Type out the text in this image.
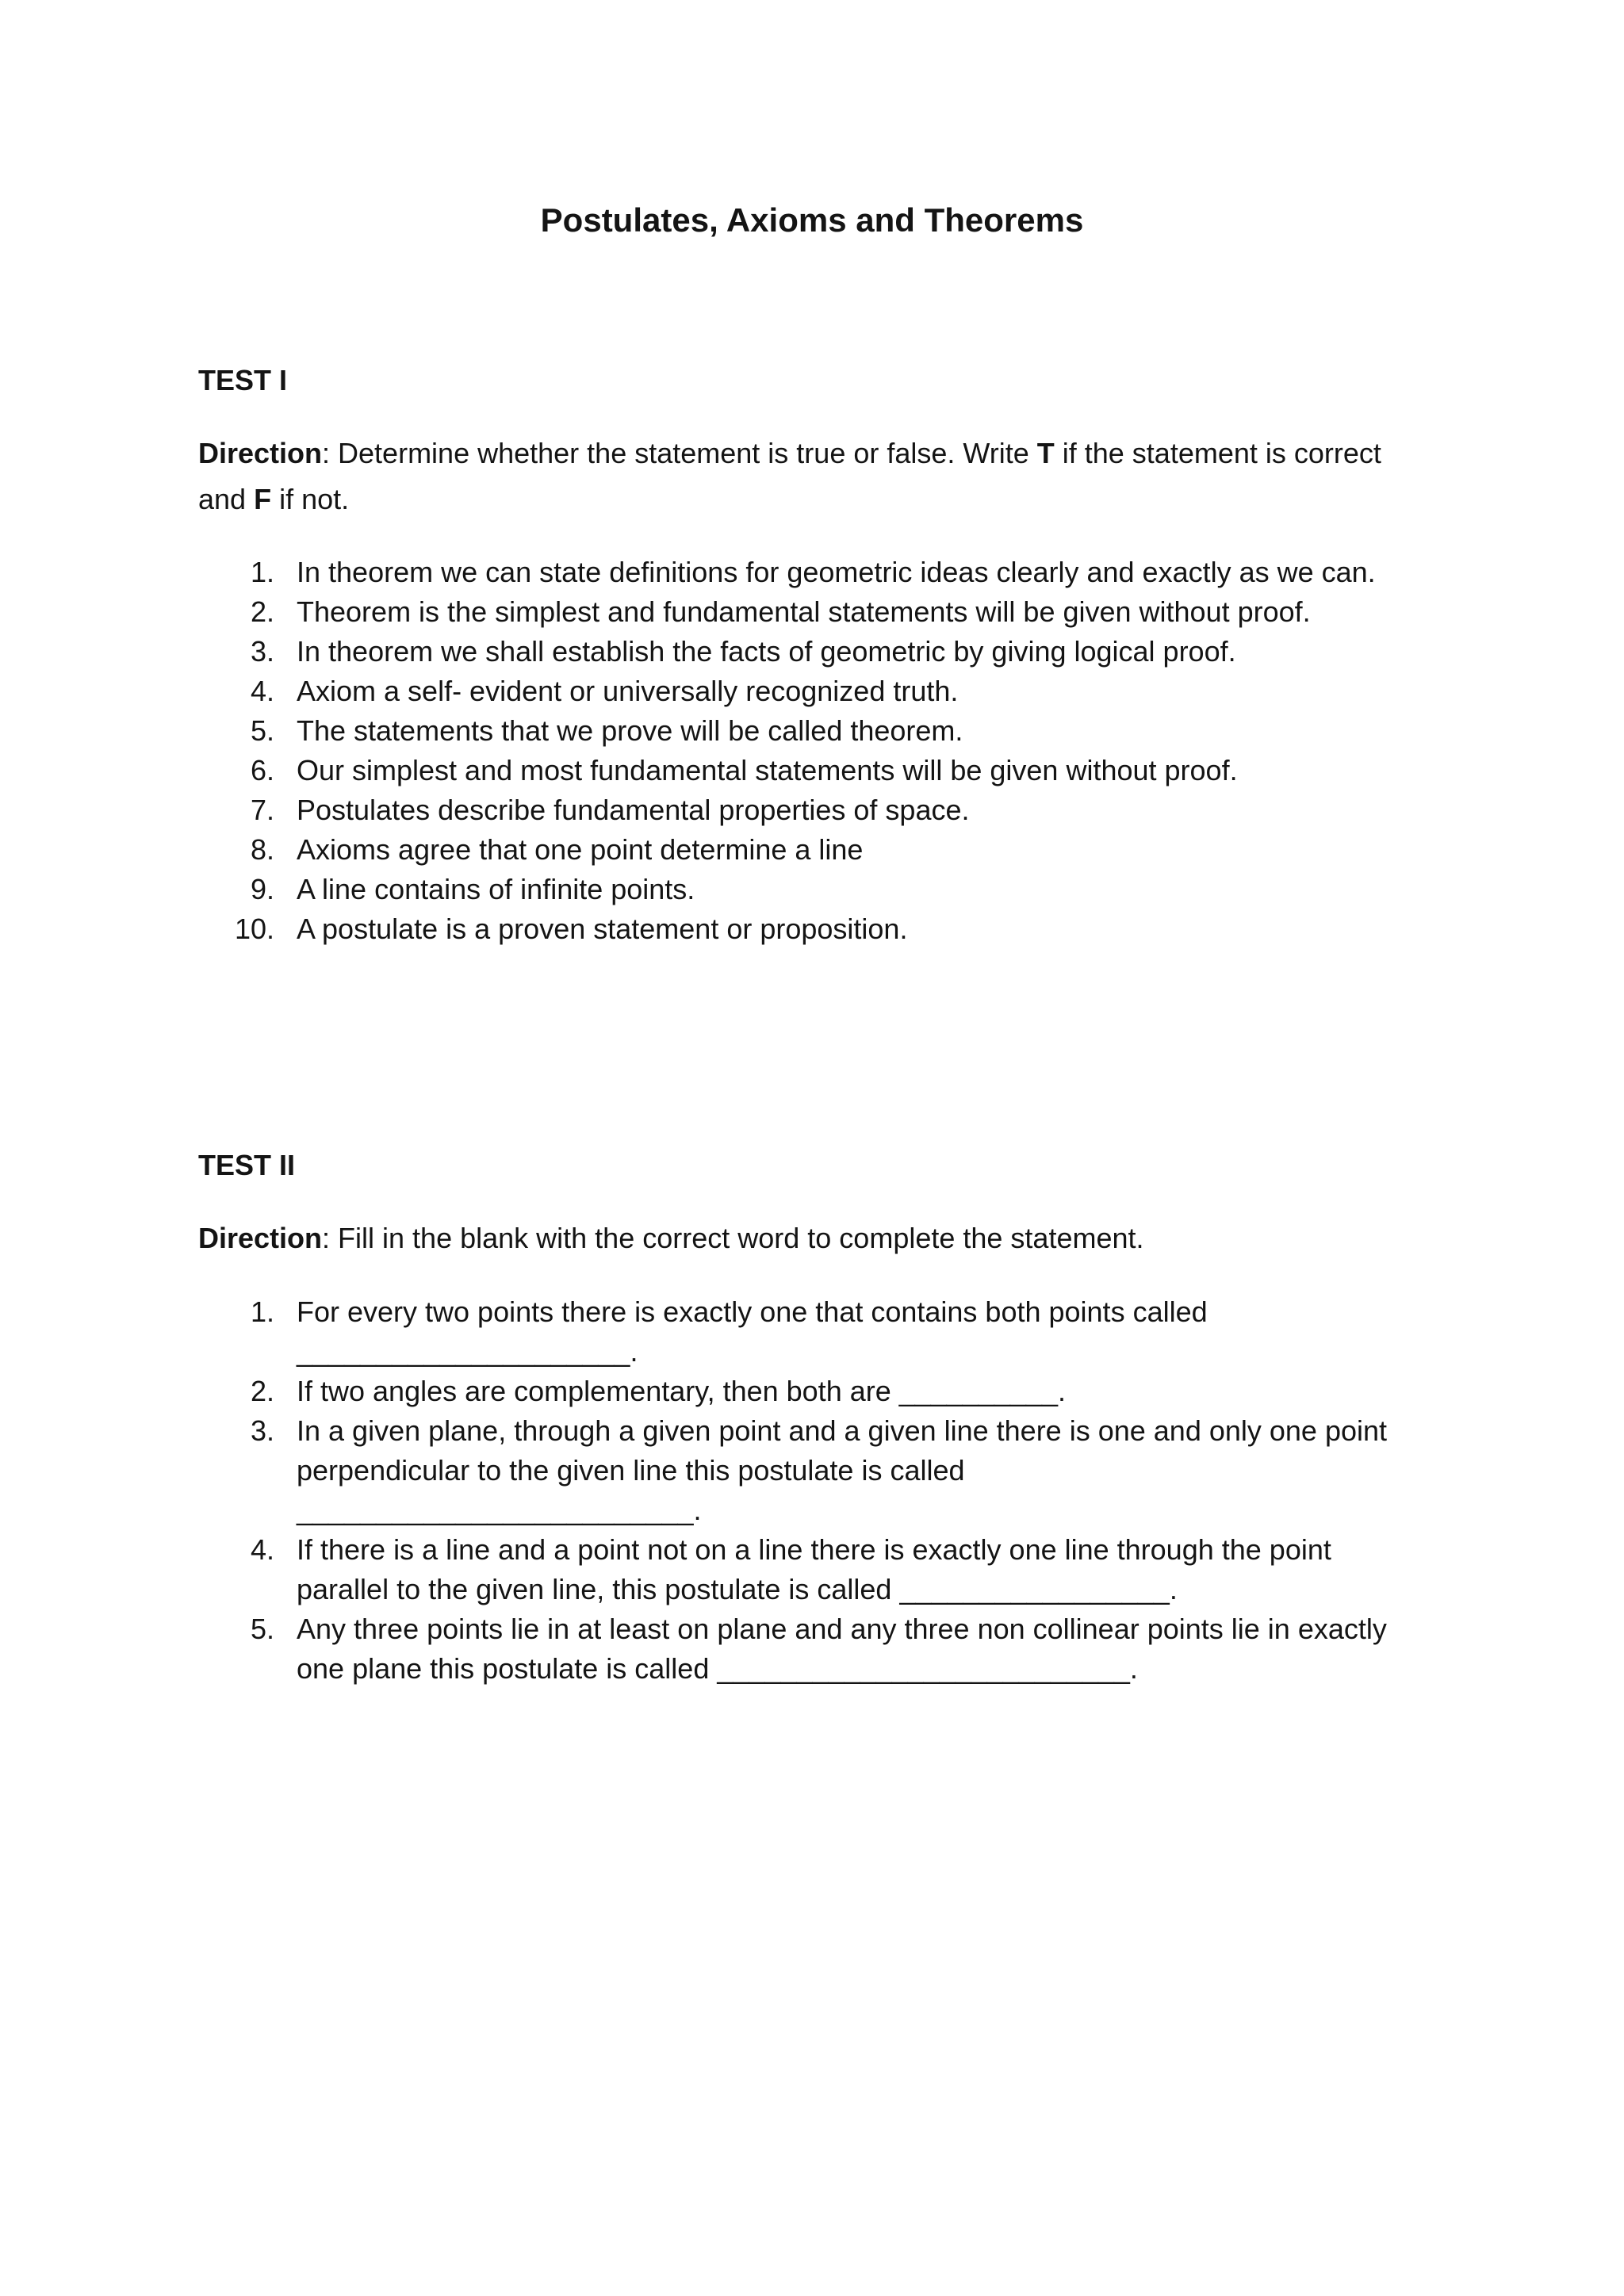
Postulates, Axioms and Theorems
TEST I

Direction: Determine whether the statement is true or false. Write T if the statement is correct and F if not.

1. In theorem we can state definitions for geometric ideas clearly and exactly as we can.
2. Theorem is the simplest and fundamental statements will be given without proof.
3. In theorem we shall establish the facts of geometric by giving logical proof.
4. Axiom a self- evident or universally recognized truth.
5. The statements that we prove will be called theorem.
6. Our simplest and most fundamental statements will be given without proof.
7. Postulates describe fundamental properties of space.
8. Axioms agree that one point determine a line
9. A line contains of infinite points.
10. A postulate is a proven statement or proposition.
TEST II

Direction: Fill in the blank with the correct word to complete the statement.

1. For every two points there is exactly one that contains both points called
_____________________.
2. If two angles are complementary, then both are __________.
3. In a given plane, through a given point and a given line there is one and only one point perpendicular to the given line this postulate is called
_________________________.
4. If there is a line and a point not on a line there is exactly one line through the point parallel to the given line, this postulate is called _________________.
5. Any three points lie in at least on plane and any three non collinear points lie in exactly one plane this postulate is called __________________________.
